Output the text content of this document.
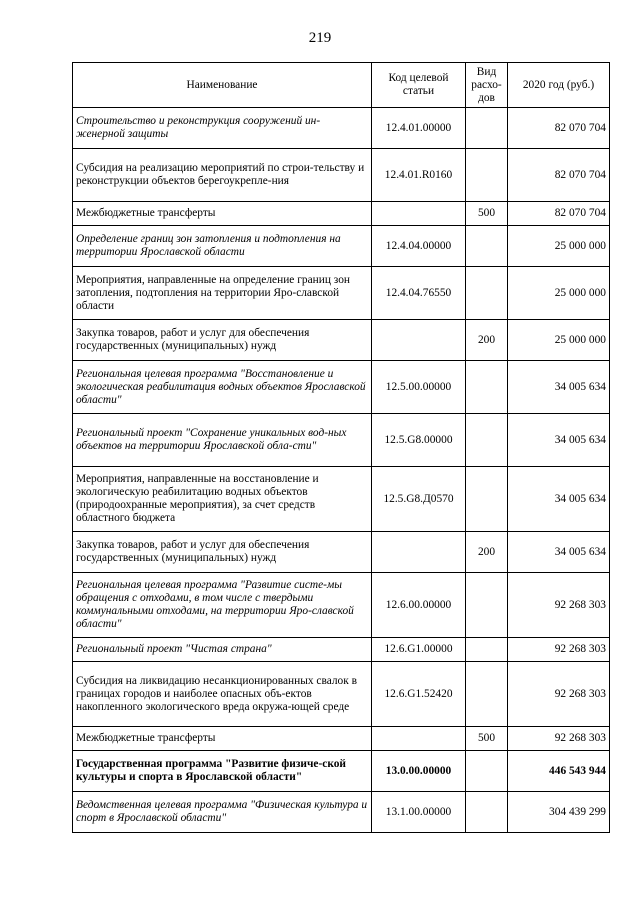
219
Наименование	Код целевой статьи	Вид расхо-дов	2020 год (руб.)
Строительство и реконструкция сооружений ин-женерной защиты	12.4.01.00000		82 070 704
Субсидия на реализацию мероприятий по строи-тельству и реконструкции объектов берегоукрепле-ния	12.4.01.R0160		82 070 704
Межбюджетные трансферты		500	82 070 704
Определение границ зон затопления и подтопления на территории Ярославской области	12.4.04.00000		25 000 000
Мероприятия, направленные на определение границ зон затопления, подтопления на территории Яро-славской области	12.4.04.76550		25 000 000
Закупка товаров, работ и услуг для обеспечения государственных (муниципальных) нужд		200	25 000 000
Региональная целевая программа "Восстановление и экологическая реабилитация водных объектов Ярославской области"	12.5.00.00000		34 005 634
Региональный проект "Сохранение уникальных вод-ных объектов на территории Ярославской обла-сти"	12.5.G8.00000		34 005 634
Мероприятия, направленные на восстановление и экологическую реабилитацию водных объектов (природоохранные мероприятия), за счет средств областного бюджета	12.5.G8.Д0570		34 005 634
Закупка товаров, работ и услуг для обеспечения государственных (муниципальных) нужд		200	34 005 634
Региональная целевая программа "Развитие систе-мы обращения с отходами, в том числе с твердыми коммунальными отходами, на территории Яро-славской области"	12.6.00.00000		92 268 303
Региональный проект "Чистая страна"	12.6.G1.00000		92 268 303
Субсидия на ликвидацию несанкционированных свалок в границах городов и наиболее опасных объ-ектов накопленного экологического вреда окружа-ющей среде	12.6.G1.52420		92 268 303
Межбюджетные трансферты		500	92 268 303
Государственная программа "Развитие физиче-ской культуры и спорта в Ярославской области"	13.0.00.00000		446 543 944
Ведомственная целевая программа "Физическая культура и спорт в Ярославской области"	13.1.00.00000		304 439 299
